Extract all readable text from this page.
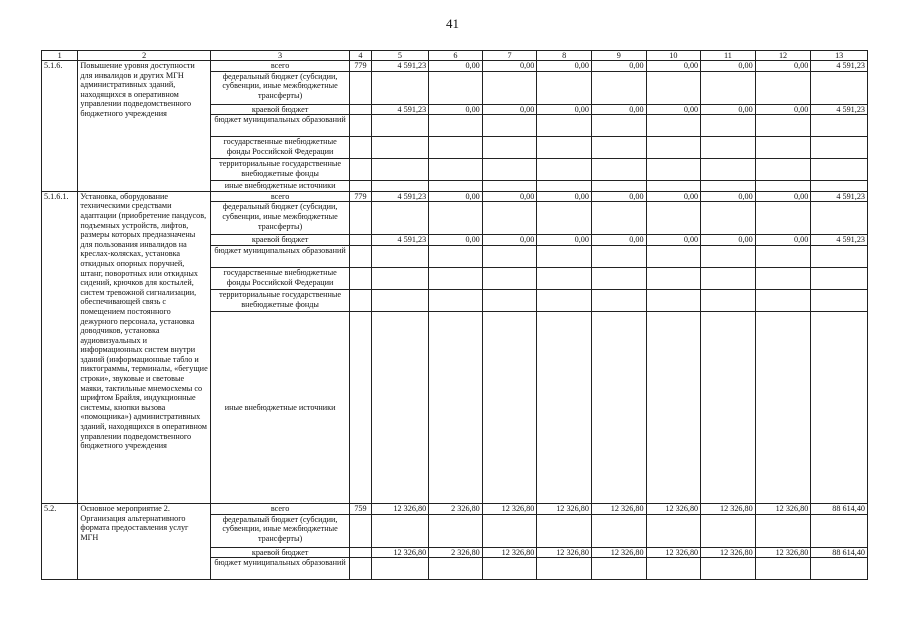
41
1	2	3	4	5	6	7	8	9	10	11	12	13
5.1.6.	Повышение уровня доступности для инвалидов и других МГН административных зданий, находящихся в оперативном управлении подведомственного бюджетного учреждения	всего	779	4 591,23	0,00	0,00	0,00	0,00	0,00	0,00	0,00	4 591,23
		федеральный бюджет (субсидии, субвенции, иные межбюджетные трансферты)										
		краевой бюджет		4 591,23	0,00	0,00	0,00	0,00	0,00	0,00	0,00	4 591,23
		бюджет муниципальных образований										
		государственные внебюджетные фонды Российской Федерации										
		территориальные государственные внебюджетные фонды										
		иные внебюджетные источники										
5.1.6.1.	Установка, оборудование техническими средствами адаптации (приобретение пандусов, подъемных устройств, лифтов, размеры которых предназначены для пользования инвалидов на креслах-колясках, установка откидных опорных поручней, штанг, поворотных или откидных сидений, крючков для костылей, систем тревожной сигнализации, обеспечивающей связь с помещением постоянного дежурного персонала, установка доводчиков, установка аудиовизуальных и информационных систем внутри зданий (информационные табло и пиктограммы, терминалы, «бегущие строки», звуковые и световые маяки, тактильные мнемосхемы со шрифтом Брайля, индукционные системы, кнопки вызова «помощника») административных зданий, находящихся в оперативном управлении подведомственного бюджетного учреждения	всего	779	4 591,23	0,00	0,00	0,00	0,00	0,00	0,00	0,00	4 591,23
		федеральный бюджет (субсидии, субвенции, иные межбюджетные трансферты)										
		краевой бюджет		4 591,23	0,00	0,00	0,00	0,00	0,00	0,00	0,00	4 591,23
		бюджет муниципальных образований										
		государственные внебюджетные фонды Российской Федерации										
		территориальные государственные внебюджетные фонды										
		иные внебюджетные источники										
5.2.	Основное мероприятие 2. Организация альтернативного формата предоставления услуг МГН	всего	759	12 326,80	2 326,80	12 326,80	12 326,80	12 326,80	12 326,80	12 326,80	12 326,80	88 614,40
		федеральный бюджет (субсидии, субвенции, иные межбюджетные трансферты)										
		краевой бюджет		12 326,80	2 326,80	12 326,80	12 326,80	12 326,80	12 326,80	12 326,80	12 326,80	88 614,40
		бюджет муниципальных образований										
